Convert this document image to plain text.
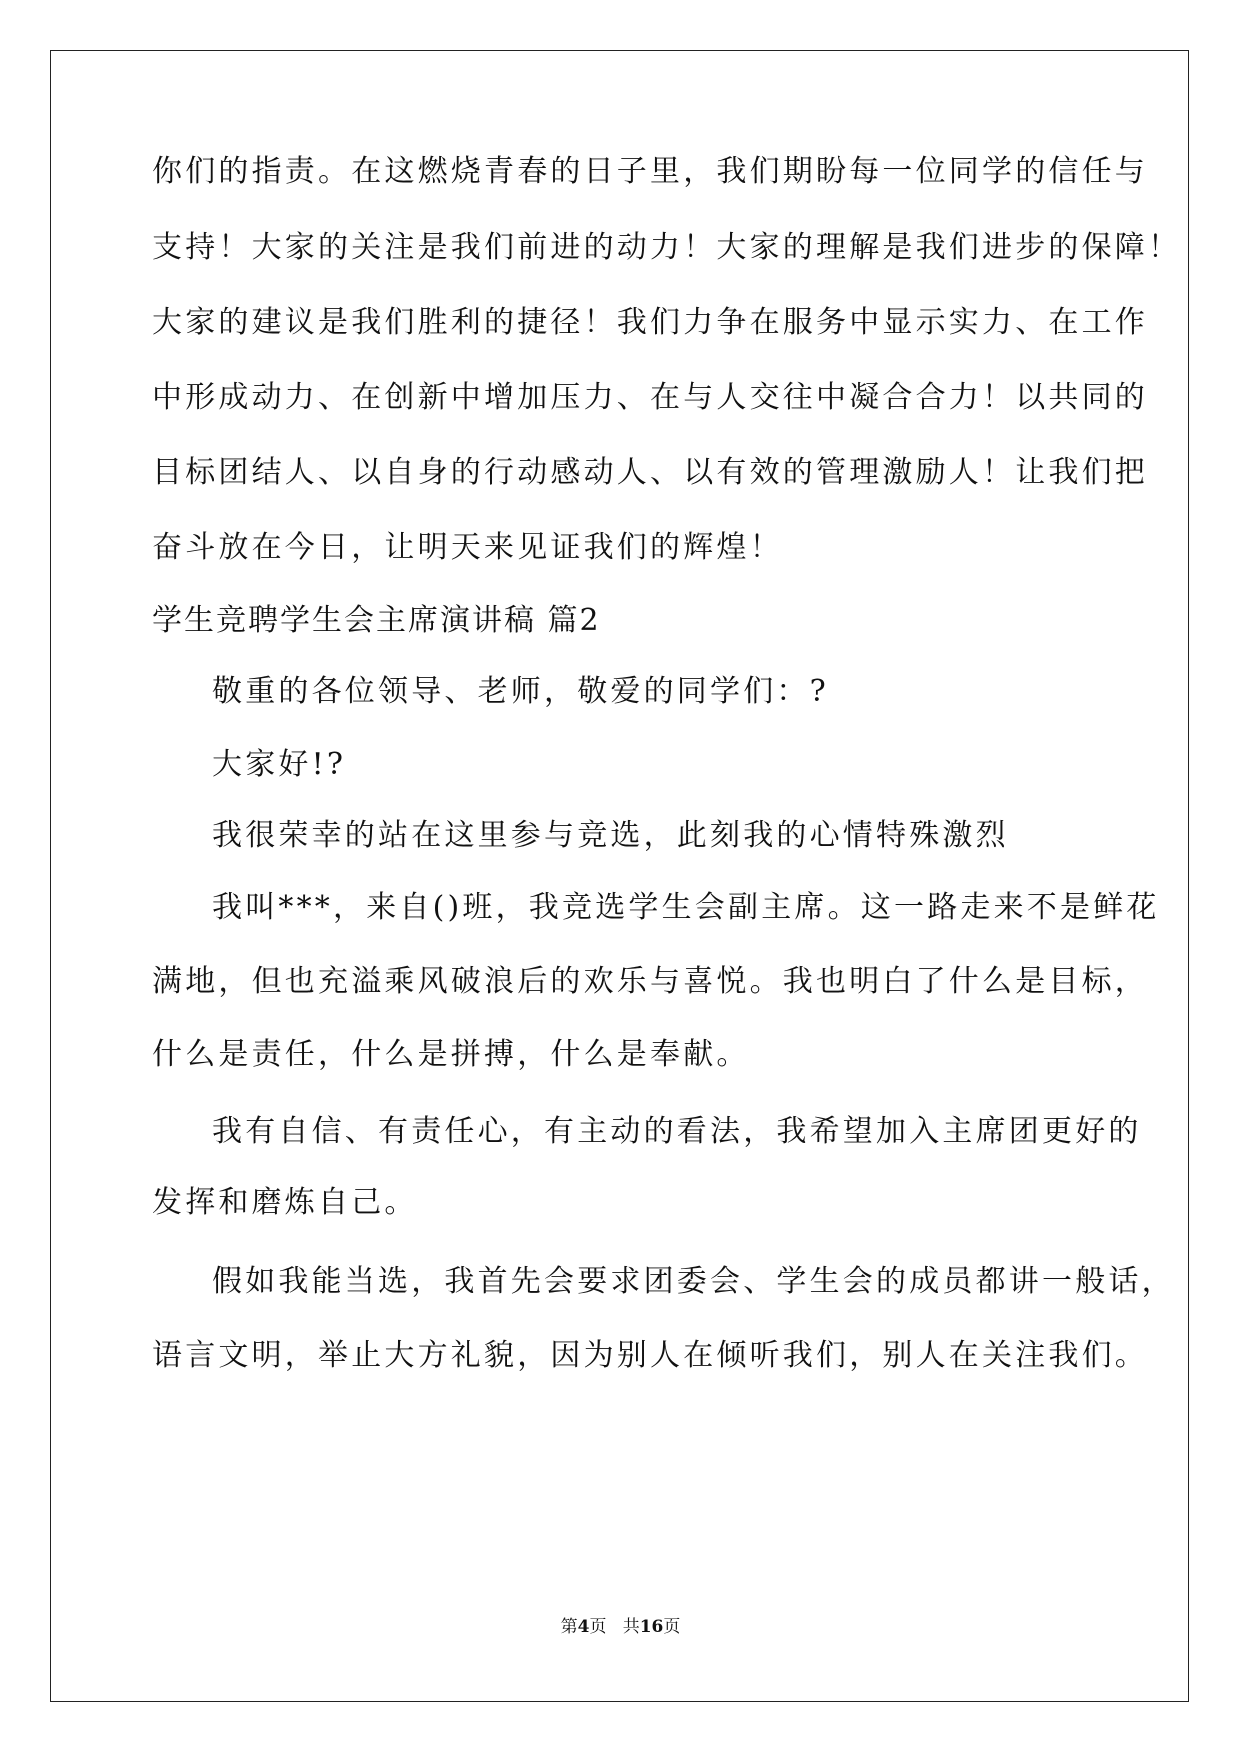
你们的指责。在这燃烧青春的日子里，我们期盼每一位同学的信任与
支持！大家的关注是我们前进的动力！大家的理解是我们进步的保障！
大家的建议是我们胜利的捷径！我们力争在服务中显示实力、在工作
中形成动力、在创新中增加压力、在与人交往中凝合合力！以共同的
目标团结人、以自身的行动感动人、以有效的管理激励人！让我们把
奋斗放在今日，让明天来见证我们的辉煌！
学生竞聘学生会主席演讲稿 篇2
敬重的各位领导、老师，敬爱的同学们：?
大家好!?
我很荣幸的站在这里参与竞选，此刻我的心情特殊激烈
我叫***，来自()班，我竞选学生会副主席。这一路走来不是鲜花
满地，但也充溢乘风破浪后的欢乐与喜悦。我也明白了什么是目标，
什么是责任，什么是拼搏，什么是奉献。
我有自信、有责任心，有主动的看法，我希望加入主席团更好的
发挥和磨炼自己。
假如我能当选，我首先会要求团委会、学生会的成员都讲一般话，
语言文明，举止大方礼貌，因为别人在倾听我们，别人在关注我们。
第4页 共16页
